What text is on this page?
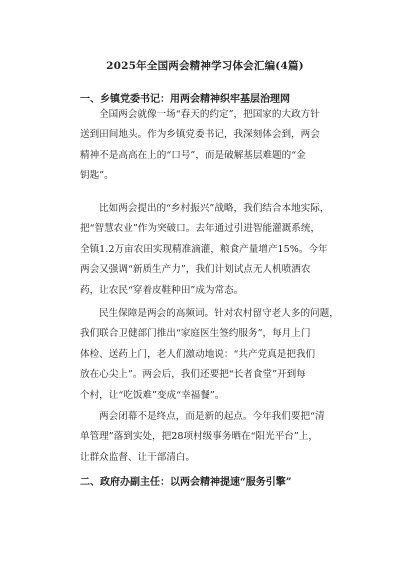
2025年全国两会精神学习体会汇编(4篇)
一、乡镇党委书记：用两会精神织牢基层治理网
全国两会就像一场“春天的约定”，把国家的大政方针
送到田间地头。作为乡镇党委书记，我深刻体会到，两会
精神不是高高在上的“口号”，而是破解基层难题的“金
钥匙”。
比如两会提出的“乡村振兴”战略，我们结合本地实际，
把“智慧农业”作为突破口。去年通过引进智能灌溉系统，
全镇1.2万亩农田实现精准滴灌，粮食产量增产15%。今年
两会又强调“新质生产力”，我们计划试点无人机喷洒农
药，让农民“穿着皮鞋种田”成为常态。
民生保障是两会的高频词。针对农村留守老人多的问题，
我们联合卫健部门推出“家庭医生签约服务”，每月上门
体检、送药上门，老人们激动地说：“共产党真是把我们
放在心尖上”。两会后，我们还要把“长者食堂”开到每
个村，让“吃饭难”变成“幸福餐”。
两会闭幕不是终点，而是新的起点。今年我们要把“清
单管理”落到实处，把28项村级事务晒在“阳光平台”上，
让群众监督、让干部清白。
二、政府办副主任：以两会精神提速“服务引擎”
